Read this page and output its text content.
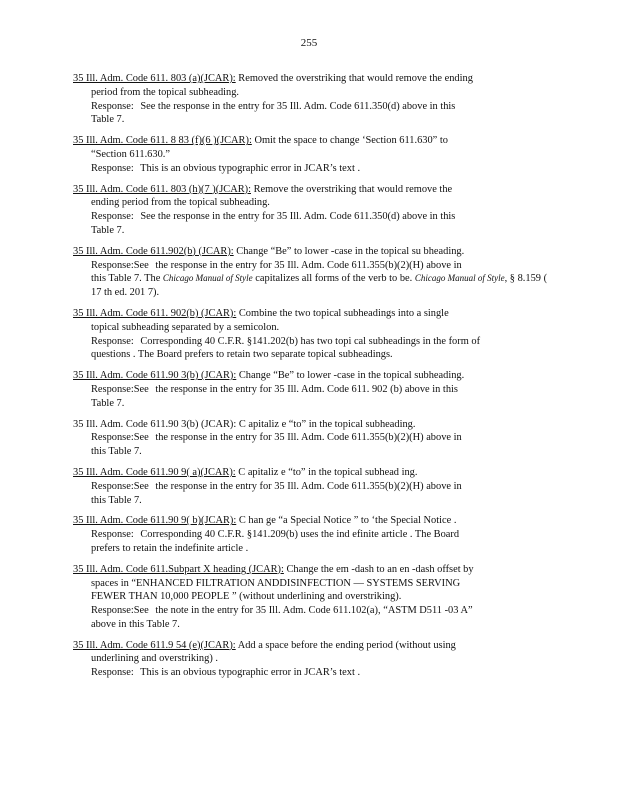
255
35 Ill. Adm. Code 611. 803 (a)(JCAR): Removed the overstriking that would remove the ending
period from the topical subheading.
Response: See the response in the entry for 35 Ill. Adm. Code 611.350(d) above in this
Table 7.
35 Ill. Adm. Code 611. 8 83 (f)(6 )(JCAR): Omit the space to change ‘Section 611.630” to
“Section 611.630.”
Response: This is an obvious typographic error in JCAR’s text .
35 Ill. Adm. Code 611. 803 (h)(7 )(JCAR): Remove the overstriking that would remove the
ending period from the topical subheading.
Response: See the response in the entry for 35 Ill. Adm. Code 611.350(d) above in this
Table 7.
35 Ill. Adm. Code 611.902(b) (JCAR): Change “Be” to lower -case in the topical su bheading.
Response:See the response in the entry for 35 Ill. Adm. Code 611.355(b)(2)(H) above in
this Table 7. The Chicago Manual of Style capitalizes all forms of the verb to be. Chicago Manual of Style, § 8.159 ( 17 th ed. 201 7).
35 Ill. Adm. Code 611. 902(b) (JCAR): Combine the two topical subheadings into a single
topical subheading separated by a semicolon.
Response: Corresponding 40 C.F.R. §141.202(b) has two topi cal subheadings in the form of
questions . The Board prefers to retain two separate topical subheadings.
35 Ill. Adm. Code 611.90 3(b) (JCAR): Change “Be” to lower -case in the topical subheading.
Response:See the response in the entry for 35 Ill. Adm. Code 611. 902 (b) above in this
Table 7.
35 Ill. Adm. Code 611.90 3(b) (JCAR): C apitaliz e “to” in the topical subheading.
Response:See the response in the entry for 35 Ill. Adm. Code 611.355(b)(2)(H) above in
this Table 7.
35 Ill. Adm. Code 611.90 9( a)(JCAR): C apitaliz e “to” in the topical subhead ing.
Response:See the response in the entry for 35 Ill. Adm. Code 611.355(b)(2)(H) above in
this Table 7.
35 Ill. Adm. Code 611.90 9( b)(JCAR): C han ge “a Special Notice ” to ‘the Special Notice .
Response: Corresponding 40 C.F.R. §141.209(b) uses the ind efinite article . The Board
prefers to retain the indefinite article .
35 Ill. Adm. Code 611.Subpart X heading (JCAR): Change the em -dash to an en -dash offset by
spaces in “ENHANCED FILTRATION ANDDISINFECTION — SYSTEMS SERVING
FEWER THAN 10,000 PEOPLE ” (without underlining and overstriking).
Response:See the note in the entry for 35 Ill. Adm. Code 611.102(a), “ASTM D511 -03 A”
above in this Table 7.
35 Ill. Adm. Code 611.9 54 (e)(JCAR): Add a space before the ending period (without using
underlining and overstriking) .
Response: This is an obvious typographic error in JCAR’s text .
